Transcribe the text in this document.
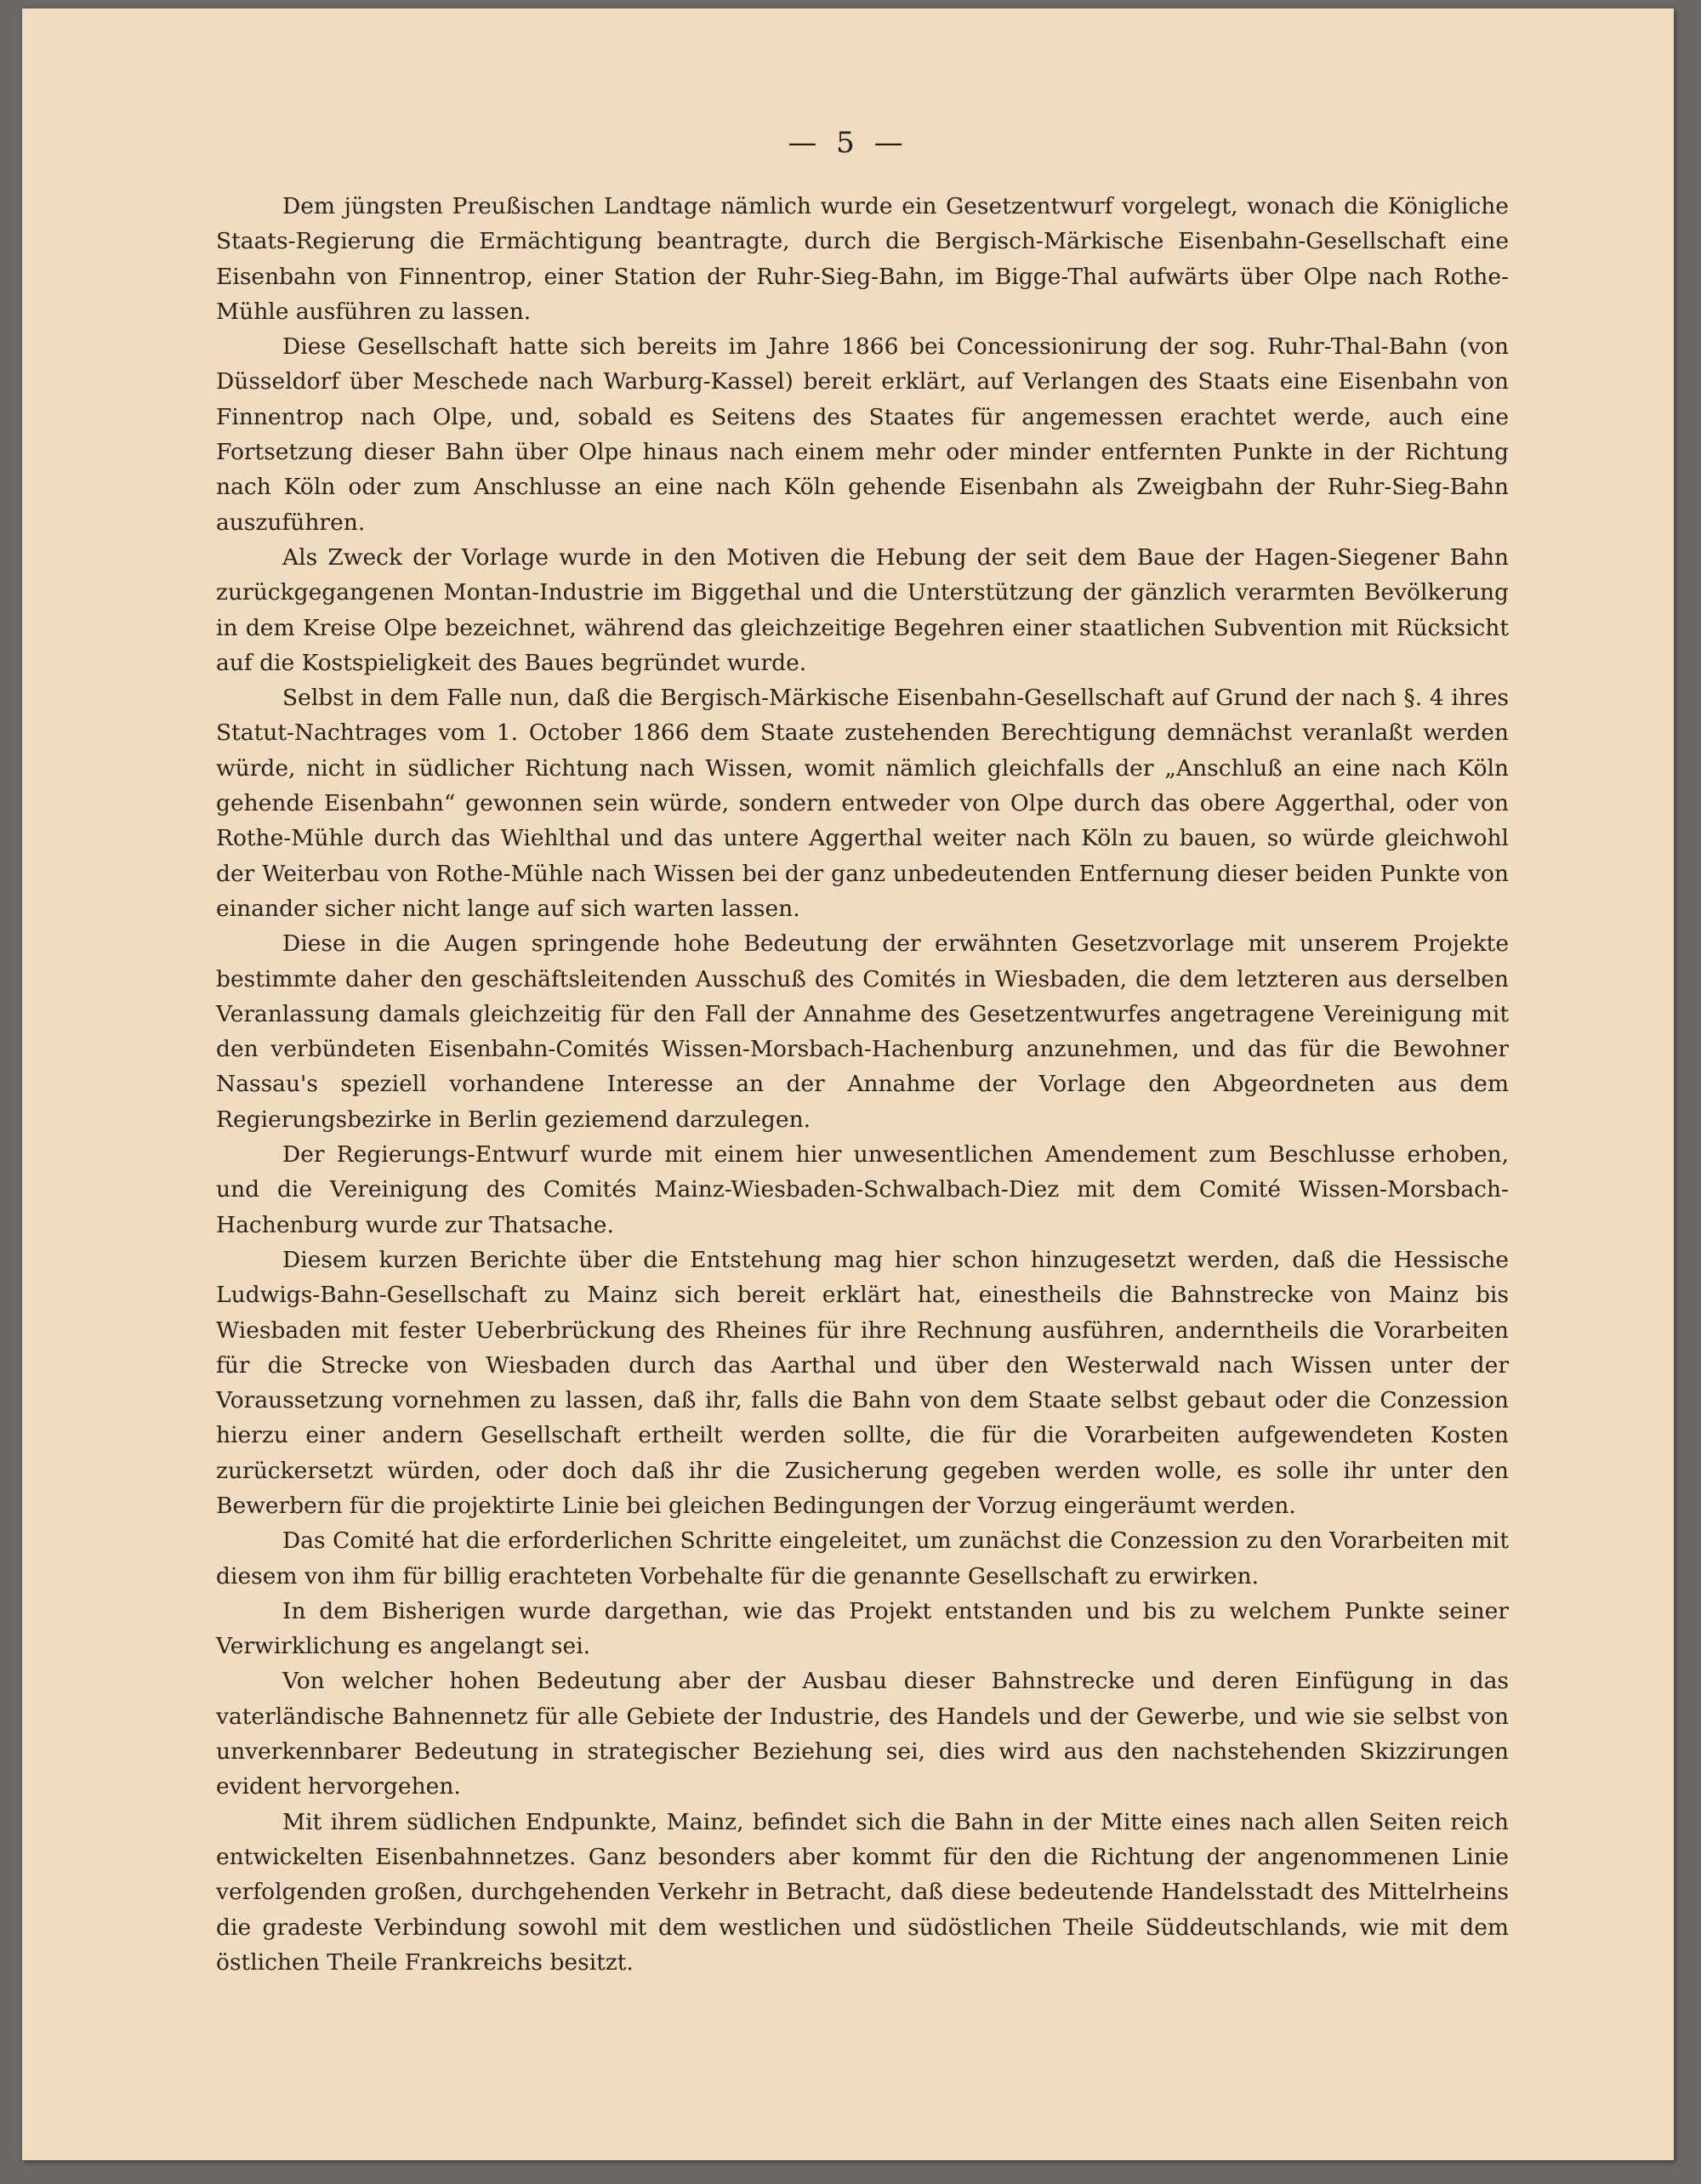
— 5 —

Dem jüngsten Preußischen Landtage nämlich wurde ein Gesetzentwurf vorgelegt, wonach die Königliche Staats-Regierung die Ermächtigung beantragte, durch die Bergisch-Märkische Eisenbahn-Gesellschaft eine Eisenbahn von Finnentrop, einer Station der Ruhr-Sieg-Bahn, im Bigge-Thal aufwärts über Olpe nach Rothe-Mühle ausführen zu lassen.

Diese Gesellschaft hatte sich bereits im Jahre 1866 bei Concessionirung der sog. Ruhr-Thal-Bahn (von Düsseldorf über Meschede nach Warburg-Kassel) bereit erklärt, auf Verlangen des Staats eine Eisenbahn von Finnentrop nach Olpe, und, sobald es Seitens des Staates für angemessen erachtet werde, auch eine Fortsetzung dieser Bahn über Olpe hinaus nach einem mehr oder minder entfernten Punkte in der Richtung nach Köln oder zum Anschlusse an eine nach Köln gehende Eisenbahn als Zweigbahn der Ruhr-Sieg-Bahn auszuführen.

Als Zweck der Vorlage wurde in den Motiven die Hebung der seit dem Baue der Hagen-Siegener Bahn zurückgegangenen Montan-Industrie im Biggethal und die Unterstützung der gänzlich verarmten Bevölkerung in dem Kreise Olpe bezeichnet, während das gleichzeitige Begehren einer staatlichen Subvention mit Rücksicht auf die Kostspieligkeit des Baues begründet wurde.

Selbst in dem Falle nun, daß die Bergisch-Märkische Eisenbahn-Gesellschaft auf Grund der nach §. 4 ihres Statut-Nachtrages vom 1. October 1866 dem Staate zustehenden Berechtigung demnächst veranlaßt werden würde, nicht in südlicher Richtung nach Wissen, womit nämlich gleichfalls der „Anschluß an eine nach Köln gehende Eisenbahn“ gewonnen sein würde, sondern entweder von Olpe durch das obere Aggerthal, oder von Rothe-Mühle durch das Wiehlthal und das untere Aggerthal weiter nach Köln zu bauen, so würde gleichwohl der Weiterbau von Rothe-Mühle nach Wissen bei der ganz unbedeutenden Entfernung dieser beiden Punkte von einander sicher nicht lange auf sich warten lassen.

Diese in die Augen springende hohe Bedeutung der erwähnten Gesetzvorlage mit unserem Projekte bestimmte daher den geschäftsleitenden Ausschuß des Comités in Wiesbaden, die dem letzteren aus derselben Veranlassung damals gleichzeitig für den Fall der Annahme des Gesetzentwurfes angetragene Vereinigung mit den verbündeten Eisenbahn-Comités Wissen-Morsbach-Hachenburg anzunehmen, und das für die Bewohner Nassau's speziell vorhandene Interesse an der Annahme der Vorlage den Abgeordneten aus dem Regierungsbezirke in Berlin geziemend darzulegen.

Der Regierungs-Entwurf wurde mit einem hier unwesentlichen Amendement zum Beschlusse erhoben, und die Vereinigung des Comités Mainz-Wiesbaden-Schwalbach-Diez mit dem Comité Wissen-Morsbach-Hachenburg wurde zur Thatsache.

Diesem kurzen Berichte über die Entstehung mag hier schon hinzugesetzt werden, daß die Hessische Ludwigs-Bahn-Gesellschaft zu Mainz sich bereit erklärt hat, einestheils die Bahnstrecke von Mainz bis Wiesbaden mit fester Ueberbrückung des Rheines für ihre Rechnung ausführen, anderntheils die Vorarbeiten für die Strecke von Wiesbaden durch das Aarthal und über den Westerwald nach Wissen unter der Voraussetzung vornehmen zu lassen, daß ihr, falls die Bahn von dem Staate selbst gebaut oder die Conzession hierzu einer andern Gesellschaft ertheilt werden sollte, die für die Vorarbeiten aufgewendeten Kosten zurückersetzt würden, oder doch daß ihr die Zusicherung gegeben werden wolle, es solle ihr unter den Bewerbern für die projektirte Linie bei gleichen Bedingungen der Vorzug eingeräumt werden.

Das Comité hat die erforderlichen Schritte eingeleitet, um zunächst die Conzession zu den Vorarbeiten mit diesem von ihm für billig erachteten Vorbehalte für die genannte Gesellschaft zu erwirken.

In dem Bisherigen wurde dargethan, wie das Projekt entstanden und bis zu welchem Punkte seiner Verwirklichung es angelangt sei.

Von welcher hohen Bedeutung aber der Ausbau dieser Bahnstrecke und deren Einfügung in das vaterländische Bahnennetz für alle Gebiete der Industrie, des Handels und der Gewerbe, und wie sie selbst von unverkennbarer Bedeutung in strategischer Beziehung sei, dies wird aus den nachstehenden Skizzirungen evident hervorgehen.

Mit ihrem südlichen Endpunkte, Mainz, befindet sich die Bahn in der Mitte eines nach allen Seiten reich entwickelten Eisenbahnnetzes. Ganz besonders aber kommt für den die Richtung der angenommenen Linie verfolgenden großen, durchgehenden Verkehr in Betracht, daß diese bedeutende Handelsstadt des Mittelrheins die gradeste Verbindung sowohl mit dem westlichen und südöstlichen Theile Süddeutschlands, wie mit dem östlichen Theile Frankreichs besitzt.
